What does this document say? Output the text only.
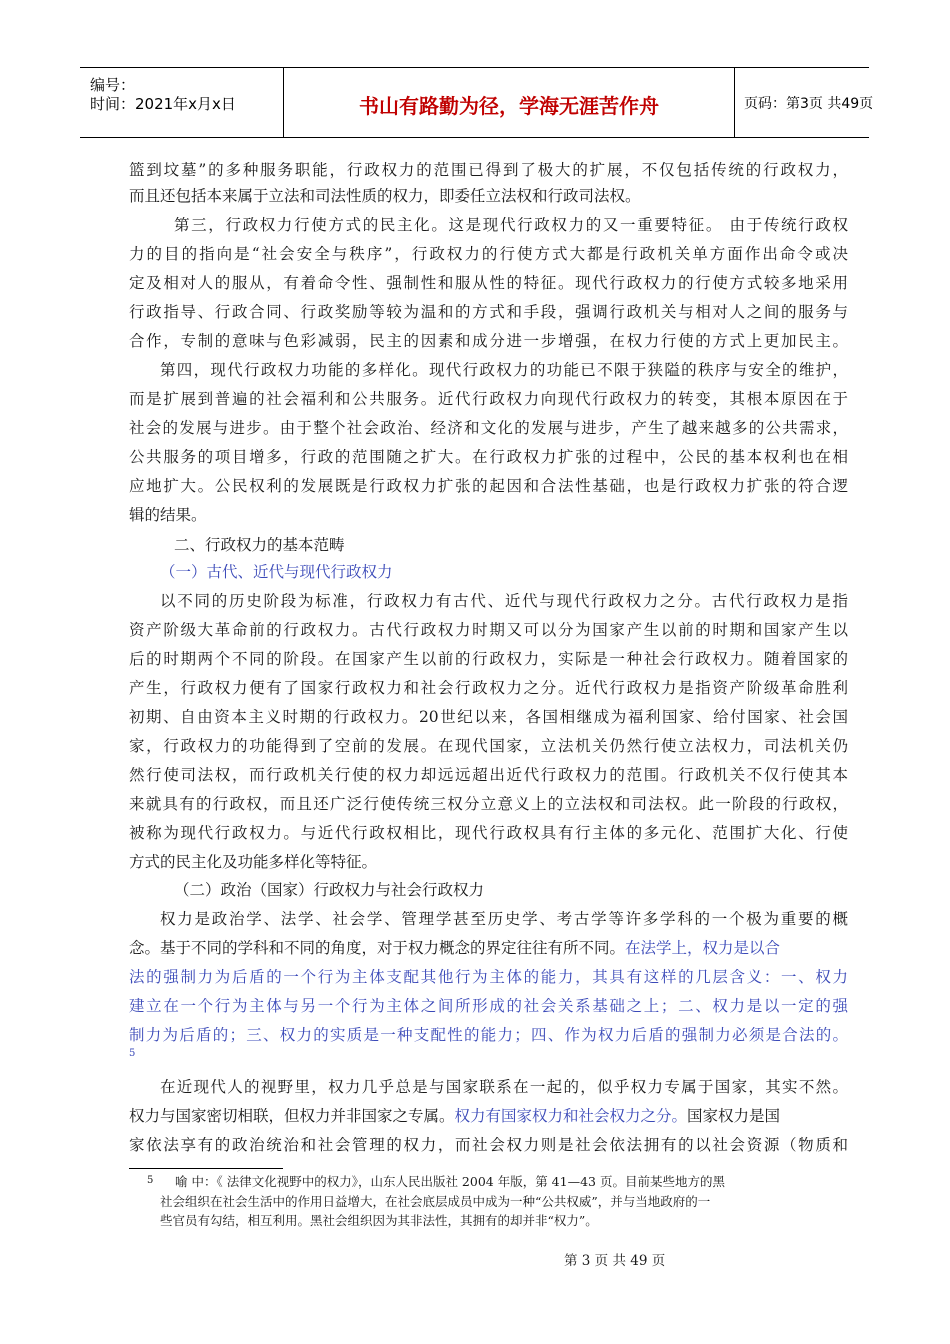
编号：
时间：2021年x月x日	书山有路勤为径，学海无涯苦作舟	页码：第3页 共49页
篮到坟墓”的多种服务职能，行政权力的范围已得到了极大的扩展，不仅包括传统的行政权力，
而且还包括本来属于立法和司法性质的权力，即委任立法权和行政司法权。
第三，行政权力行使方式的民主化。这是现代行政权力的又一重要特征。 由于传统行政权
力的目的指向是“社会安全与秩序”，行政权力的行使方式大都是行政机关单方面作出命令或决
定及相对人的服从，有着命令性、强制性和服从性的特征。现代行政权力的行使方式较多地采用
行政指导、行政合同、行政奖励等较为温和的方式和手段，强调行政机关与相对人之间的服务与
合作，专制的意味与色彩减弱，民主的因素和成分进一步增强，在权力行使的方式上更加民主。
第四，现代行政权力功能的多样化。现代行政权力的功能已不限于狭隘的秩序与安全的维护，
而是扩展到普遍的社会福利和公共服务。近代行政权力向现代行政权力的转变，其根本原因在于
社会的发展与进步。由于整个社会政治、经济和文化的发展与进步，产生了越来越多的公共需求，
公共服务的项目增多，行政的范围随之扩大。在行政权力扩张的过程中，公民的基本权利也在相
应地扩大。公民权利的发展既是行政权力扩张的起因和合法性基础，也是行政权力扩张的符合逻
辑的结果。
二、行政权力的基本范畴
（一）古代、近代与现代行政权力
以不同的历史阶段为标准，行政权力有古代、近代与现代行政权力之分。古代行政权力是指
资产阶级大革命前的行政权力。古代行政权力时期又可以分为国家产生以前的时期和国家产生以
后的时期两个不同的阶段。在国家产生以前的行政权力，实际是一种社会行政权力。随着国家的
产生，行政权力便有了国家行政权力和社会行政权力之分。近代行政权力是指资产阶级革命胜利
初期、自由资本主义时期的行政权力。20世纪以来，各国相继成为福利国家、给付国家、社会国
家，行政权力的功能得到了空前的发展。在现代国家，立法机关仍然行使立法权力，司法机关仍
然行使司法权，而行政机关行使的权力却远远超出近代行政权力的范围。行政机关不仅行使其本
来就具有的行政权，而且还广泛行使传统三权分立意义上的立法权和司法权。此一阶段的行政权，
被称为现代行政权力。与近代行政权相比，现代行政权具有行主体的多元化、范围扩大化、行使
方式的民主化及功能多样化等特征。
（二）政治（国家）行政权力与社会行政权力
权力是政治学、法学、社会学、管理学甚至历史学、考古学等许多学科的一个极为重要的概
念。基于不同的学科和不同的角度，对于权力概念的界定往往有所不同。在法学上，权力是以合
法的强制力为后盾的一个行为主体支配其他行为主体的能力，其具有这样的几层含义：一、权力
建立在一个行为主体与另一个行为主体之间所形成的社会关系基础之上；二、权力是以一定的强
制力为后盾的；三、权力的实质是一种支配性的能力；四、作为权力后盾的强制力必须是合法的。
5
在近现代人的视野里，权力几乎总是与国家联系在一起的，似乎权力专属于国家，其实不然。
权力与国家密切相联，但权力并非国家之专属。权力有国家权力和社会权力之分。国家权力是国
家依法享有的政治统治和社会管理的权力，而社会权力则是社会依法拥有的以社会资源（物质和
5 喻 中：《 法律文化视野中的权力》，山东人民出版社 2004 年版，第 41—43 页。目前某些地方的黑
社会组织在社会生活中的作用日益增大，在社会底层成员中成为一种“公共权威”，并与当地政府的一
些官员有勾结，相互利用。黑社会组织因为其非法性，其拥有的却并非“权力”。
第 3 页 共 49 页
